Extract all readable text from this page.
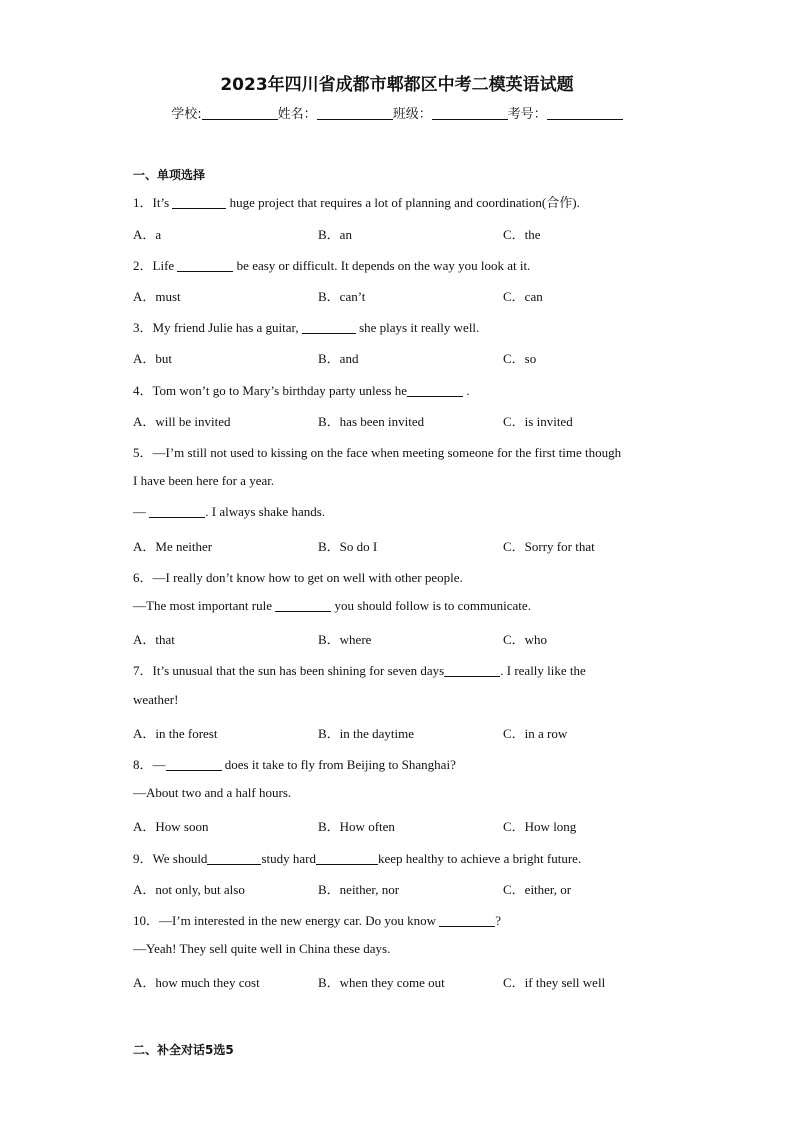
2023年四川省成都市郫都区中考二模英语试题
学校:	姓名：	班级：	考号：
一、单项选择
1．It’s	huge project that requires a lot of planning and coordination(合作).
A．a	B．an	C．the
2．Life	be easy or difficult. It depends on the way you look at it.
A．must	B．can’t	C．can
3．My friend Julie has a guitar,	she plays it really well.
A．but	B．and	C．so
4．Tom won’t go to Mary’s birthday party unless he	.
A．will be invited	B．has been invited	C．is invited
5．—I’m still not used to kissing on the face when meeting someone for the first time though
I have been here for a year.
—	. I always shake hands.
A．Me neither	B．So do I	C．Sorry for that
6．—I really don’t know how to get on well with other people.
—The most important rule	you should follow is to communicate.
A．that	B．where	C．who
7．It’s unusual that the sun has been shining for seven days	. I really like the
weather!
A．in the forest	B．in the daytime	C．in a row
8．—	does it take to fly from Beijing to Shanghai?
—About two and a half hours.
A．How soon	B．How often	C．How long
9．We should	study hard	keep healthy to achieve a bright future.
A．not only, but also	B．neither, nor	C．either, or
10．—I’m interested in the new energy car. Do you know	?
—Yeah! They sell quite well in China these days.
A．how much they cost	B．when they come out	C．if they sell well
二、补全对话5选5
